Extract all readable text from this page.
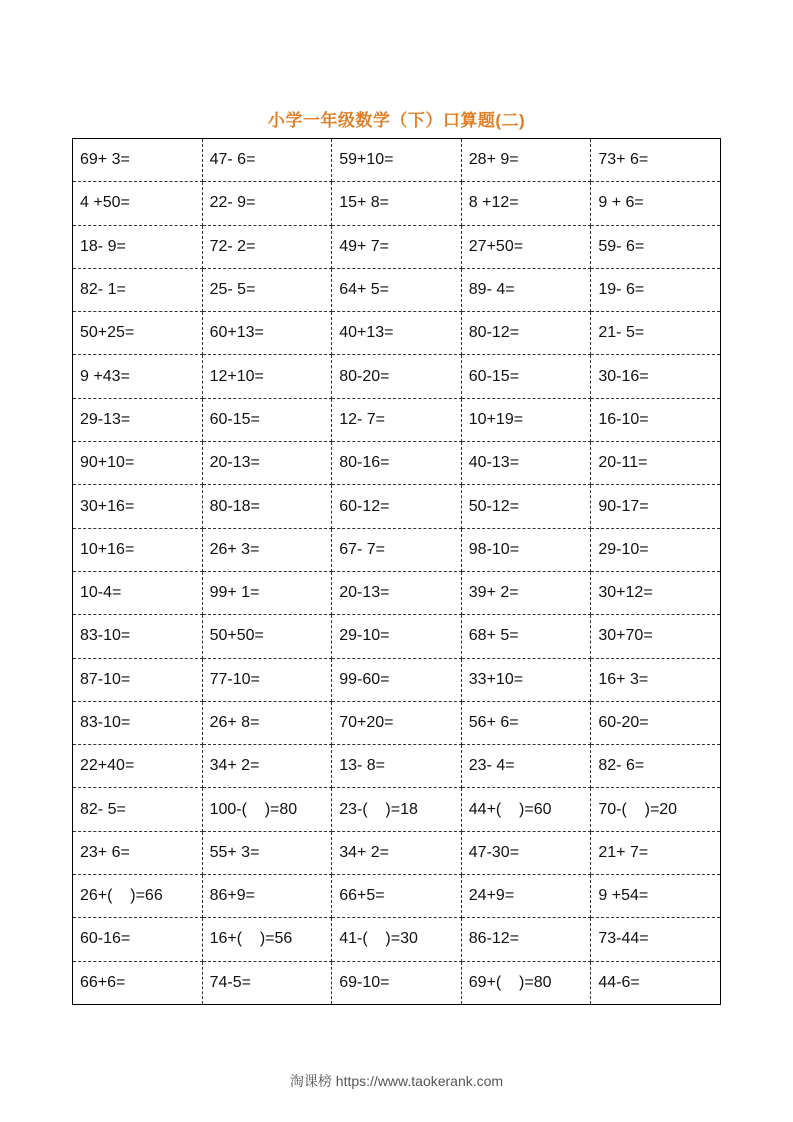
小学一年级数学（下）口算题(二)
69+ 3=	47- 6=	59+10=	28+ 9=	73+ 6=
4 +50=	22- 9=	15+ 8=	8 +12=	9 + 6=
18- 9=	72- 2=	49+ 7=	27+50=	59- 6=
82- 1=	25- 5=	64+ 5=	89- 4=	19- 6=
50+25=	60+13=	40+13=	80-12=	21- 5=
9 +43=	12+10=	80-20=	60-15=	30-16=
29-13=	60-15=	12- 7=	10+19=	16-10=
90+10=	20-13=	80-16=	40-13=	20-11=
30+16=	80-18=	60-12=	50-12=	90-17=
10+16=	26+ 3=	67- 7=	98-10=	29-10=
10-4=	99+ 1=	20-13=	39+ 2=	30+12=
83-10=	50+50=	29-10=	68+ 5=	30+70=
87-10=	77-10=	99-60=	33+10=	16+ 3=
83-10=	26+ 8=	70+20=	56+ 6=	60-20=
22+40=	34+ 2=	13- 8=	23- 4=	82- 6=
82- 5=	100-(    )=80	23-(    )=18	44+(    )=60	70-(    )=20
23+ 6=	55+ 3=	34+ 2=	47-30=	21+ 7=
26+(    )=66	86+9=	66+5=	24+9=	9 +54=
60-16=	16+(    )=56	41-(    )=30	86-12=	73-44=
66+6=	74-5=	69-10=	69+(    )=80	44-6=
淘课榜 https://www.taokerank.com
